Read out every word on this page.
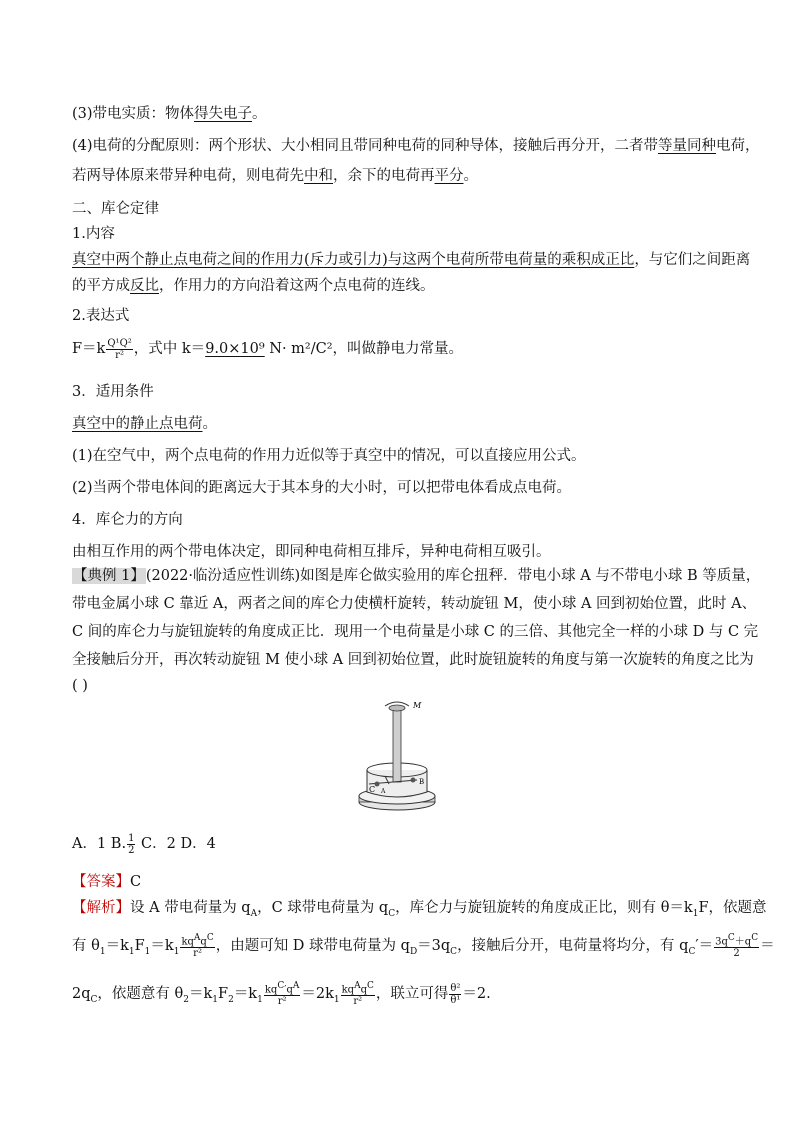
(3)带电实质：物体得失电子。
(4)电荷的分配原则：两个形状、大小相同且带同种电荷的同种导体，接触后再分开，二者带等量同种电荷，
若两导体原来带异种电荷，则电荷先中和，余下的电荷再平分。
二、库仑定律
1.内容
真空中两个静止点电荷之间的作用力(斥力或引力)与这两个电荷所带电荷量的乘积成正比，与它们之间距离
的平方成反比，作用力的方向沿着这两个点电荷的连线。
2.表达式
$F=k \frac{\text{Q¹Q²}}{\text{r²}}$ ，式中 k＝9.0×10⁹ N· m²/C²，叫做静电力常量。
3．适用条件
真空中的静止点电荷。
(1)在空气中，两个点电荷的作用力近似等于真空中的情况，可以直接应用公式。
(2)当两个带电体间的距离远大于其本身的大小时，可以把带电体看成点电荷。
4．库仑力的方向
由相互作用的两个带电体决定，即同种电荷相互排斥，异种电荷相互吸引。
【典例 1】(2022·临汾适应性训练)如图是库仑做实验用的库仑扭秤．带电小球 A 与不带电小球 B 等质量，
带电金属小球 C 靠近 A，两者之间的库仑力使横杆旋转，转动旋钮 M，使小球 A 回到初始位置，此时 A、
C 间的库仑力与旋钮旋转的角度成正比．现用一个电荷量是小球 C 的三倍、其他完全一样的小球 D 与 C 完
全接触后分开，再次转动旋钮 M 使小球 A 回到初始位置，此时旋钮旋转的角度与第一次旋转的角度之比为
( )
M
C A
B
A．1 B. $\frac{1}{2}$ C．2 D．4
【答案】C
【解析】设 A 带电荷量为 $q_A$，C 球带电荷量为 $q_C$，库仑力与旋钮旋转的角度成正比，则有 $\theta=k_1F$，依题意
有 $\theta_1=k_1F_1=k_1 \frac{kq^Aq^C}{\text{r²}}$ ，由题可知 D 球带电荷量为 $q_D=3q_C$，接触后分开，电荷量将均分，有 $q_C'= \frac{3q^C+q^C}{2}$ ＝
$2q_C$，依题意有 $\theta_2=k_1F_2=k_1 \frac{kq^C'q^A}{\text{r²}} =2k_1 \frac{kq^Aq^C}{\text{r²}}$ ，联立可得 $\frac{\text{θ²}}{\text{θ¹}} =2$.
